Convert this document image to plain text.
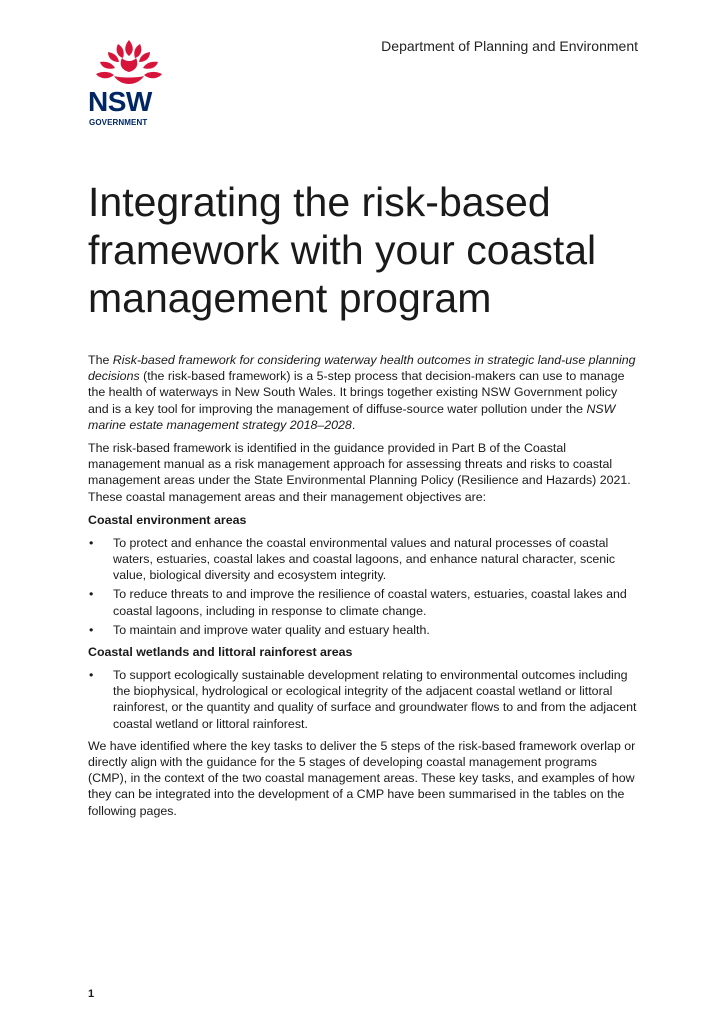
NSW
GOVERNMENT
Department of Planning and Environment
Integrating the risk-based framework with your coastal management program

The Risk-based framework for considering waterway health outcomes in strategic land-use planning decisions (the risk-based framework) is a 5-step process that decision-makers can use to manage the health of waterways in New South Wales. It brings together existing NSW Government policy and is a key tool for improving the management of diffuse-source water pollution under the NSW marine estate management strategy 2018–2028.

The risk-based framework is identified in the guidance provided in Part B of the Coastal management manual as a risk management approach for assessing threats and risks to coastal management areas under the State Environmental Planning Policy (Resilience and Hazards) 2021. These coastal management areas and their management objectives are:

Coastal environment areas
• To protect and enhance the coastal environmental values and natural processes of coastal waters, estuaries, coastal lakes and coastal lagoons, and enhance natural character, scenic value, biological diversity and ecosystem integrity.
• To reduce threats to and improve the resilience of coastal waters, estuaries, coastal lakes and coastal lagoons, including in response to climate change.
• To maintain and improve water quality and estuary health.
Coastal wetlands and littoral rainforest areas
• To support ecologically sustainable development relating to environmental outcomes including the biophysical, hydrological or ecological integrity of the adjacent coastal wetland or littoral rainforest, or the quantity and quality of surface and groundwater flows to and from the adjacent coastal wetland or littoral rainforest.

We have identified where the key tasks to deliver the 5 steps of the risk-based framework overlap or directly align with the guidance for the 5 stages of developing coastal management programs (CMP), in the context of the two coastal management areas. These key tasks, and examples of how they can be integrated into the development of a CMP have been summarised in the tables on the following pages.

1
